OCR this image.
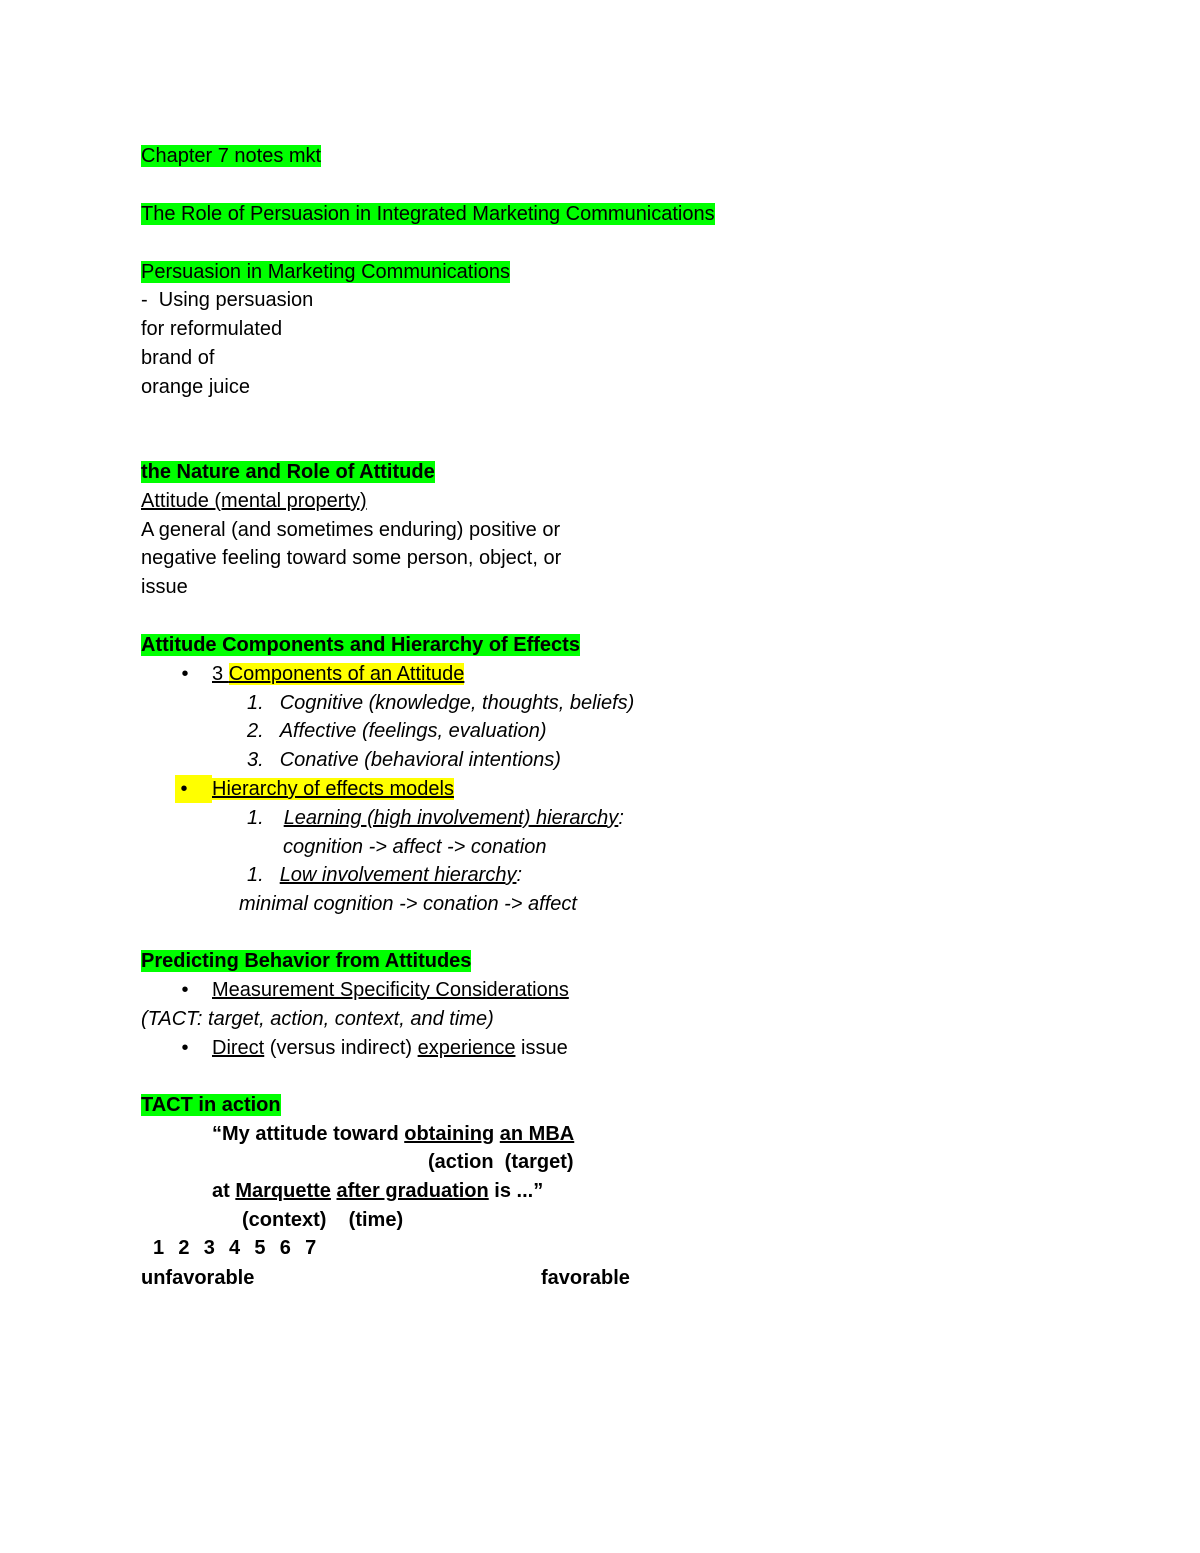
Chapter 7 notes mkt
The Role of Persuasion in Integrated Marketing Communications
Persuasion in Marketing Communications
-  Using persuasion
for reformulated
brand of
orange juice
the Nature and Role of Attitude
Attitude (mental property)
A general (and sometimes enduring) positive or
negative feeling toward some person, object, or
issue
Attitude Components and Hierarchy of Effects
•	3 Components of an Attitude
1. Cognitive (knowledge, thoughts, beliefs)
2. Affective (feelings, evaluation)
3. Conative (behavioral intentions)
• Hierarchy of effects models
1. Learning (high involvement) hierarchy:
cognition -> affect -> conation
1. Low involvement hierarchy:
minimal cognition -> conation -> affect
Predicting Behavior from Attitudes
•	Measurement Specificity Considerations
(TACT: target, action, context, and time)
•	Direct (versus indirect) experience issue
TACT in action
“My attitude toward obtaining an MBA
(action  (target)
at Marquette after graduation is ...”
(context)    (time)
1    2    3    4    5    6    7
unfavorable	favorable
